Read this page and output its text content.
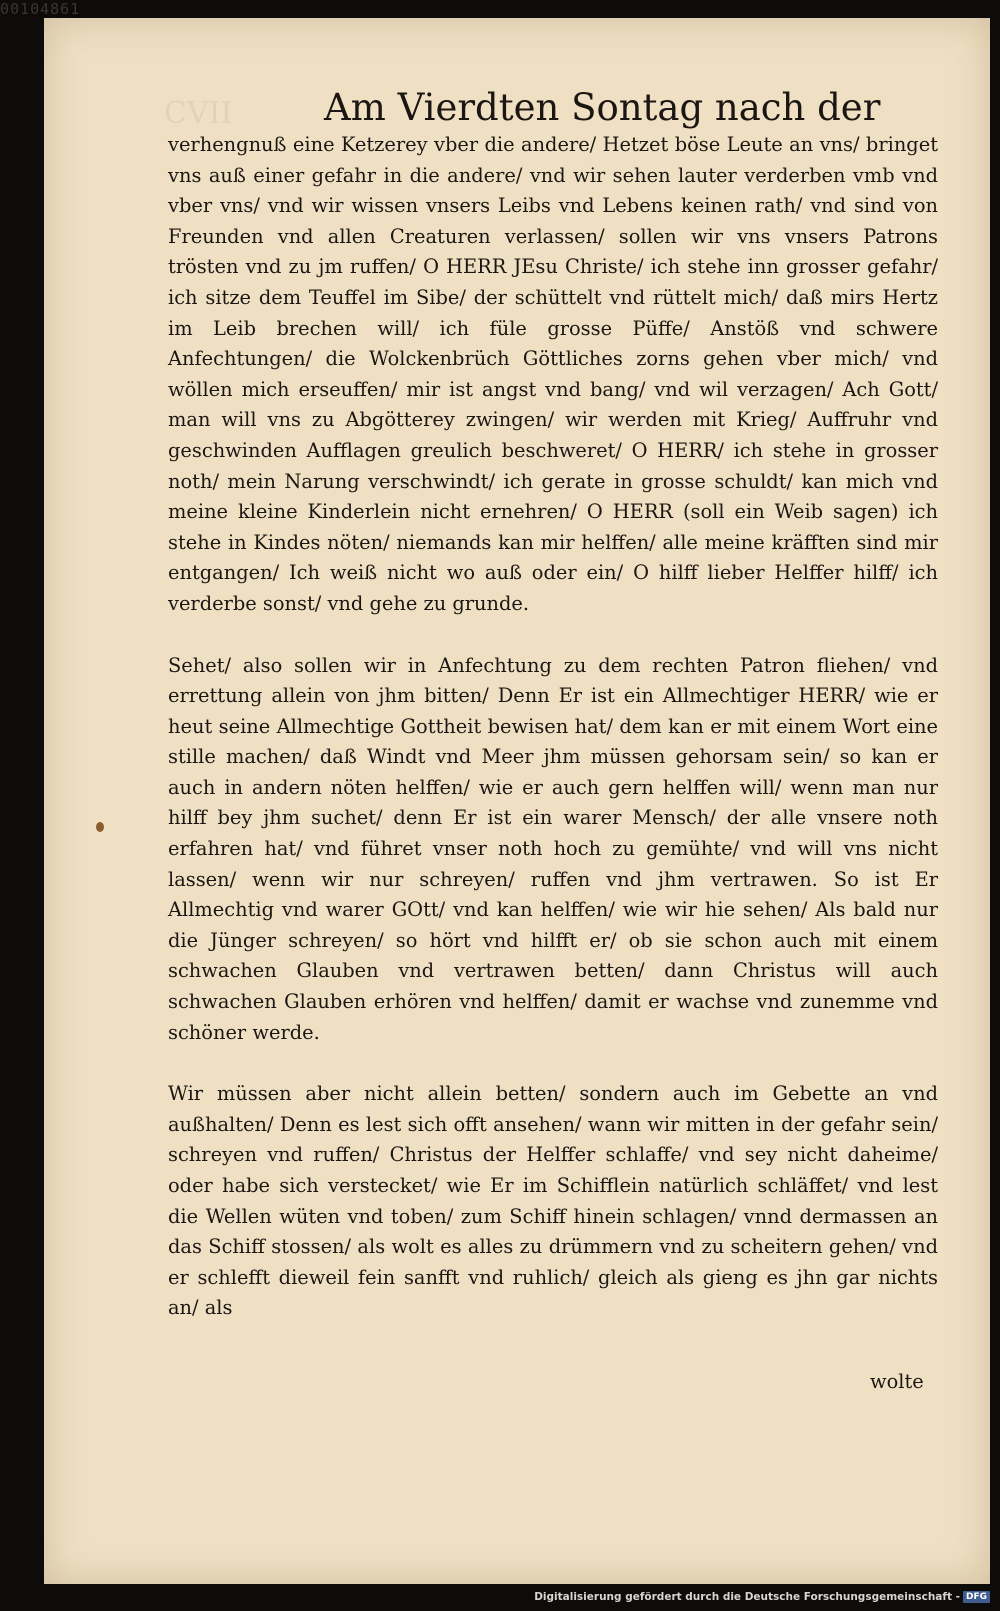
00104861
CVII Am Vierdten Sontag nach der

verhengnuß eine Ketzerey vber die andere/ Hetzet böse Leute an vns/ bringet vns auß einer gefahr in die andere/ vnd wir sehen lauter verderben vmb vnd vber vns/ vnd wir wissen vnsers Leibs vnd Lebens keinen rath/ vnd sind von Freunden vnd allen Creaturen verlassen/ sollen wir vns vnsers Patrons trösten vnd zu jm ruffen/ O HERR JEsu Christe/ ich stehe inn grosser gefahr/ ich sitze dem Teuffel im Sibe/ der schüttelt vnd rüttelt mich/ daß mirs Hertz im Leib brechen will/ ich füle grosse Püffe/ Anstöß vnd schwere Anfechtungen/ die Wolckenbrüch Göttliches zorns gehen vber mich/ vnd wöllen mich erseuffen/ mir ist angst vnd bang/ vnd wil verzagen/ Ach Gott/ man will vns zu Abgötterey zwingen/ wir werden mit Krieg/ Auffruhr vnd geschwinden Aufflagen greulich beschweret/ O HERR/ ich stehe in grosser noth/ mein Narung verschwindt/ ich gerate in grosse schuldt/ kan mich vnd meine kleine Kinderlein nicht ernehren/ O HERR (soll ein Weib sagen) ich stehe in Kindes nöten/ niemands kan mir helffen/ alle meine kräfften sind mir entgangen/ Ich weiß nicht wo auß oder ein/ O hilff lieber Helffer hilff/ ich verderbe sonst/ vnd gehe zu grunde.

Sehet/ also sollen wir in Anfechtung zu dem rechten Patron fliehen/ vnd errettung allein von jhm bitten/ Denn Er ist ein Allmechtiger HERR/ wie er heut seine Allmechtige Gottheit bewisen hat/ dem kan er mit einem Wort eine stille machen/ daß Windt vnd Meer jhm müssen gehorsam sein/ so kan er auch in andern nöten helffen/ wie er auch gern helffen will/ wenn man nur hilff bey jhm suchet/ denn Er ist ein warer Mensch/ der alle vnsere noth erfahren hat/ vnd führet vnser noth hoch zu gemühte/ vnd will vns nicht lassen/ wenn wir nur schreyen/ ruffen vnd jhm vertrawen. So ist Er Allmechtig vnd warer GOtt/ vnd kan helffen/ wie wir hie sehen/ Als bald nur die Jünger schreyen/ so hört vnd hilfft er/ ob sie schon auch mit einem schwachen Glauben vnd vertrawen betten/ dann Christus will auch schwachen Glauben erhören vnd helffen/ damit er wachse vnd zunemme vnd schöner werde.

Wir müssen aber nicht allein betten/ sondern auch im Gebette an vnd außhalten/ Denn es lest sich offt ansehen/ wann wir mitten in der gefahr sein/ schreyen vnd ruffen/ Christus der Helffer schlaffe/ vnd sey nicht daheime/ oder habe sich verstecket/ wie Er im Schifflein natürlich schläffet/ vnd lest die Wellen wüten vnd toben/ zum Schiff hinein schlagen/ vnnd dermassen an das Schiff stossen/ als wolt es alles zu drümmern vnd zu scheitern gehen/ vnd er schlefft dieweil fein sanfft vnd ruhlich/ gleich als gieng es jhn gar nichts an/ als

wolte
Digitalisierung gefördert durch die Deutsche Forschungsgemeinschaft - DFG
